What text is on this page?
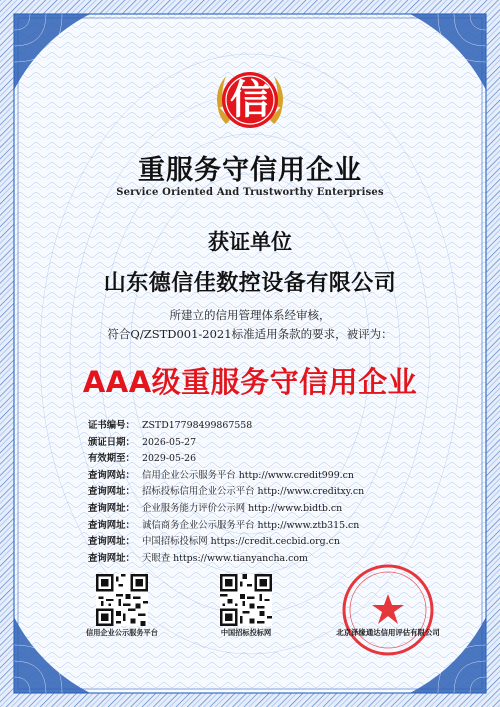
信
重服务守信用企业
Service Oriented And Trustworthy Enterprises
获证单位
山东德信佳数控设备有限公司
所建立的信用管理体系经审核，
符合Q/ZSTD001-2021标准适用条款的要求，被评为：
AAA级重服务守信用企业
证书编号： ZSTD17798499867558
颁证日期： 2026-05-27
有效期至： 2029-05-26
查询网站： 信用企业公示服务平台 http://www.credit999.cn
查询网址： 招标投标信用企业公示平台 http://www.creditxy.cn
查询网址： 企业服务能力评价公示网 http://www.bidtb.cn
查询网址： 诚信商务企业公示服务平台 http://www.ztb315.cn
查询网址： 中国招标投标网 https://credit.cecbid.org.cn
查询网址： 天眼查 https://www.tianyancha.com
信用企业公示服务平台	中国招标投标网	北京泽缘通达信用评估有限公司
